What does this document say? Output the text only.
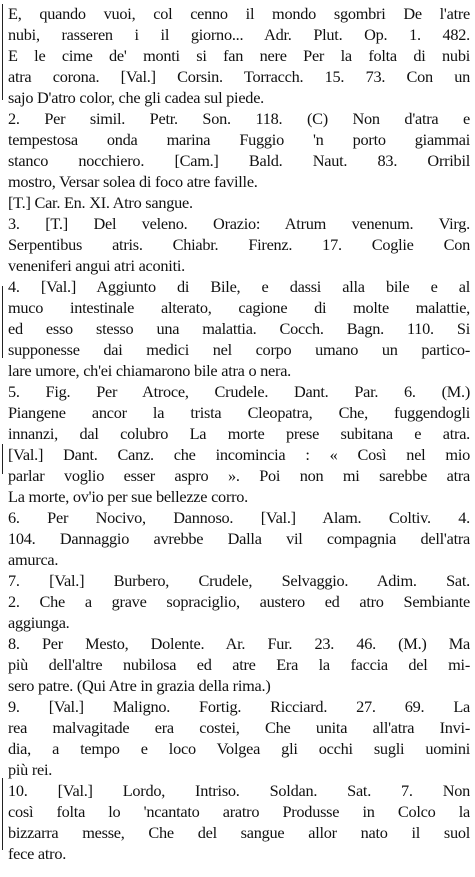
E, quando vuoi, col cenno il mondo sgombri De l'atre
nubi, rasseren i il giorno... Adr. Plut. Op. 1. 482.
E le cime de' monti si fan nere Per la folta di nubi
atra corona. [Val.] Corsin. Torracch. 15. 73. Con un
sajo D'atro color, che gli cadea sul piede.
2. Per simil. Petr. Son. 118. (C) Non d'atra e
tempestosa onda marina Fuggio 'n porto giammai
stanco nocchiero. [Cam.] Bald. Naut. 83. Orribil
mostro, Versar solea di foco atre faville.
[T.] Car. En. XI. Atro sangue.
3. [T.] Del veleno. Orazio: Atrum venenum. Virg.
Serpentibus atris. Chiabr. Firenz. 17. Coglie Con
veneniferi angui atri aconiti.
4. [Val.] Aggiunto di Bile, e dassi alla bile e al
muco intestinale alterato, cagione di molte malattie,
ed esso stesso una malattia. Cocch. Bagn. 110. Si
supponesse dai medici nel corpo umano un partico-
lare umore, ch'ei chiamarono bile atra o nera.
5. Fig. Per Atroce, Crudele. Dant. Par. 6. (M.)
Piangene ancor la trista Cleopatra, Che, fuggendogli
innanzi, dal colubro La morte prese subitana e atra.
[Val.] Dant. Canz. che incomincia : « Così nel mio
parlar voglio esser aspro ». Poi non mi sarebbe atra
La morte, ov'io per sue bellezze corro.
6. Per Nocivo, Dannoso. [Val.] Alam. Coltiv. 4.
104. Dannaggio avrebbe Dalla vil compagnia dell'atra
amurca.
7. [Val.] Burbero, Crudele, Selvaggio. Adim. Sat.
2. Che a grave sopraciglio, austero ed atro Sembiante
aggiunga.
8. Per Mesto, Dolente. Ar. Fur. 23. 46. (M.) Ma
più dell'altre nubilosa ed atre Era la faccia del mi-
sero patre. (Qui Atre in grazia della rima.)
9. [Val.] Maligno. Fortig. Ricciard. 27. 69. La
rea malvagitade era costei, Che unita all'atra Invi-
dia, a tempo e loco Volgea gli occhi sugli uomini
più rei.
10. [Val.] Lordo, Intriso. Soldan. Sat. 7. Non
così folta lo 'ncantato aratro Produsse in Colco la
bizzarra messe, Che del sangue allor nato il suol
fece atro.
